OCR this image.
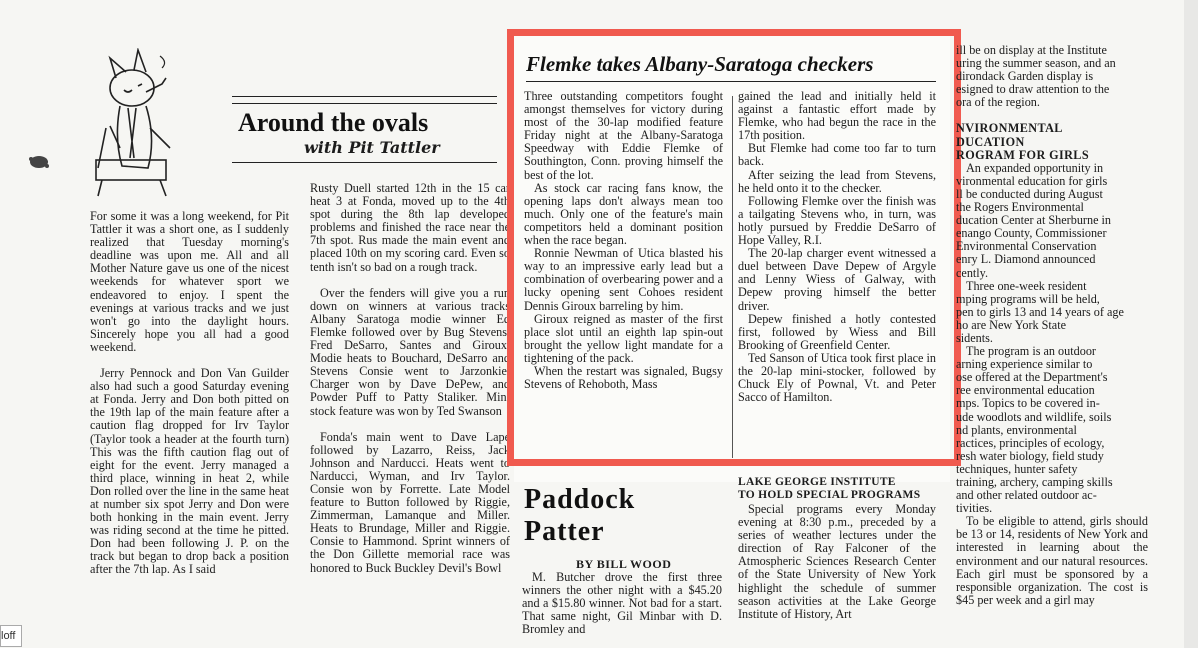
Around the ovals
with Pit Tattler

For some it was a long weekend, for Pit Tattler it was a short one, as I suddenly realized that Tuesday morning's deadline was upon me. All and all Mother Nature gave us one of the nicest weekends for whatever sport we endeavored to enjoy. I spent the evenings at various tracks and we just won't go into the daylight hours. Sincerely hope you all had a good weekend.

Jerry Pennock and Don Van Guilder also had such a good Saturday evening at Fonda. Jerry and Don both pitted on the 19th lap of the main feature after a caution flag dropped for Irv Taylor (Taylor took a header at the fourth turn) This was the fifth caution flag out of eight for the event. Jerry managed a third place, winning in heat 2, while Don rolled over the line in the same heat at number six spot Jerry and Don were both honking in the main event. Jerry was riding second at the time he pitted. Don had been following J. P. on the track but began to drop back a position after the 7th lap. As I said

Rusty Duell started 12th in the 15 car heat 3 at Fonda, moved up to the 4th spot during the 8th lap developed problems and finished the race near the 7th spot. Rus made the main event and placed 10th on my scoring card. Even so tenth isn't so bad on a rough track.

Over the fenders will give you a run down on winners at various tracks Albany Saratoga modie winner Ed Flemke followed over by Bug Stevens, Fred DeSarro, Santes and Giroux. Modie heats to Bouchard, DeSarro and Stevens Consie went to Jarzonkie. Charger won by Dave DePew, and Powder Puff to Patty Staliker. Mini stock feature was won by Ted Swanson

Fonda's main went to Dave Lape followed by Lazarro, Reiss, Jack Johnson and Narducci. Heats went to Narducci, Wyman, and Irv Taylor. Consie won by Forrette. Late Model feature to Button followed by Riggie, Zimmerman, Lamanque and Miller. Heats to Brundage, Miller and Riggie. Consie to Hammond. Sprint winners of the Don Gillette memorial race was honored to Buck Buckley Devil's Bowl

Flemke takes Albany-Saratoga checkers

Three outstanding competitors fought amongst themselves for victory during most of the 30-lap modified feature Friday night at the Albany-Saratoga Speedway with Eddie Flemke of Southington, Conn. proving himself the best of the lot.

As stock car racing fans know, the opening laps don't always mean too much. Only one of the feature's main competitors held a dominant position when the race began.

Ronnie Newman of Utica blasted his way to an impressive early lead but a combination of overbearing power and a lucky opening sent Cohoes resident Dennis Giroux barreling by him.

Giroux reigned as master of the first place slot until an eighth lap spin-out brought the yellow light mandate for a tightening of the pack.

When the restart was signaled, Bugsy Stevens of Rehoboth, Mass

gained the lead and initially held it against a fantastic effort made by Flemke, who had begun the race in the 17th position.

But Flemke had come too far to turn back.

After seizing the lead from Stevens, he held onto it to the checker.

Following Flemke over the finish was a tailgating Stevens who, in turn, was hotly pursued by Freddie DeSarro of Hope Valley, R.I.

The 20-lap charger event witnessed a duel between Dave Depew of Argyle and Lenny Wiess of Galway, with Depew proving himself the better driver.

Depew finished a hotly contested first, followed by Wiess and Bill Brooking of Greenfield Center.

Ted Sanson of Utica took first place in the 20-lap mini-stocker, followed by Chuck Ely of Pownal, Vt. and Peter Sacco of Hamilton.

Paddock
Patter
BY BILL WOOD

M. Butcher drove the first three winners the other night with a $45.20 and a $15.80 winner. Not bad for a start. That same night, Gil Minbar with D. Bromley and

LAKE GEORGE INSTITUTE
TO HOLD SPECIAL PROGRAMS

Special programs every Monday evening at 8:30 p.m., preceded by a series of weather lectures under the direction of Ray Falconer of the Atmospheric Sciences Research Center of the State University of New York highlight the schedule of summer season activities at the Lake George Institute of History, Art

ill be on display at the Institute
uring the summer season, and an
dirondack Garden display is
esigned to draw attention to the
ora of the region.

NVIRONMENTAL
DUCATION
ROGRAM FOR GIRLS

An expanded opportunity in
vironmental education for girls
ll be conducted during August
the Rogers Environmental
ducation Center at Sherburne in
enango County, Commissioner
Environmental Conservation
enry L. Diamond announced
cently.

Three one-week resident
mping programs will be held,
pen to girls 13 and 14 years of age
ho are New York State
sidents.

The program is an outdoor
arning experience similar to
ose offered at the Department's
ree environmental education
mps. Topics to be covered in-
ude woodlots and wildlife, soils
nd plants, environmental
ractices, principles of ecology,
resh water biology, field study
techniques, hunter safety
training, archery, camping skills
and other related outdoor ac-
tivities.

To be eligible to attend, girls should be 13 or 14, residents of New York and interested in learning about the environment and our natural resources. Each girl must be sponsored by a responsible organization. The cost is $45 per week and a girl may

loff
